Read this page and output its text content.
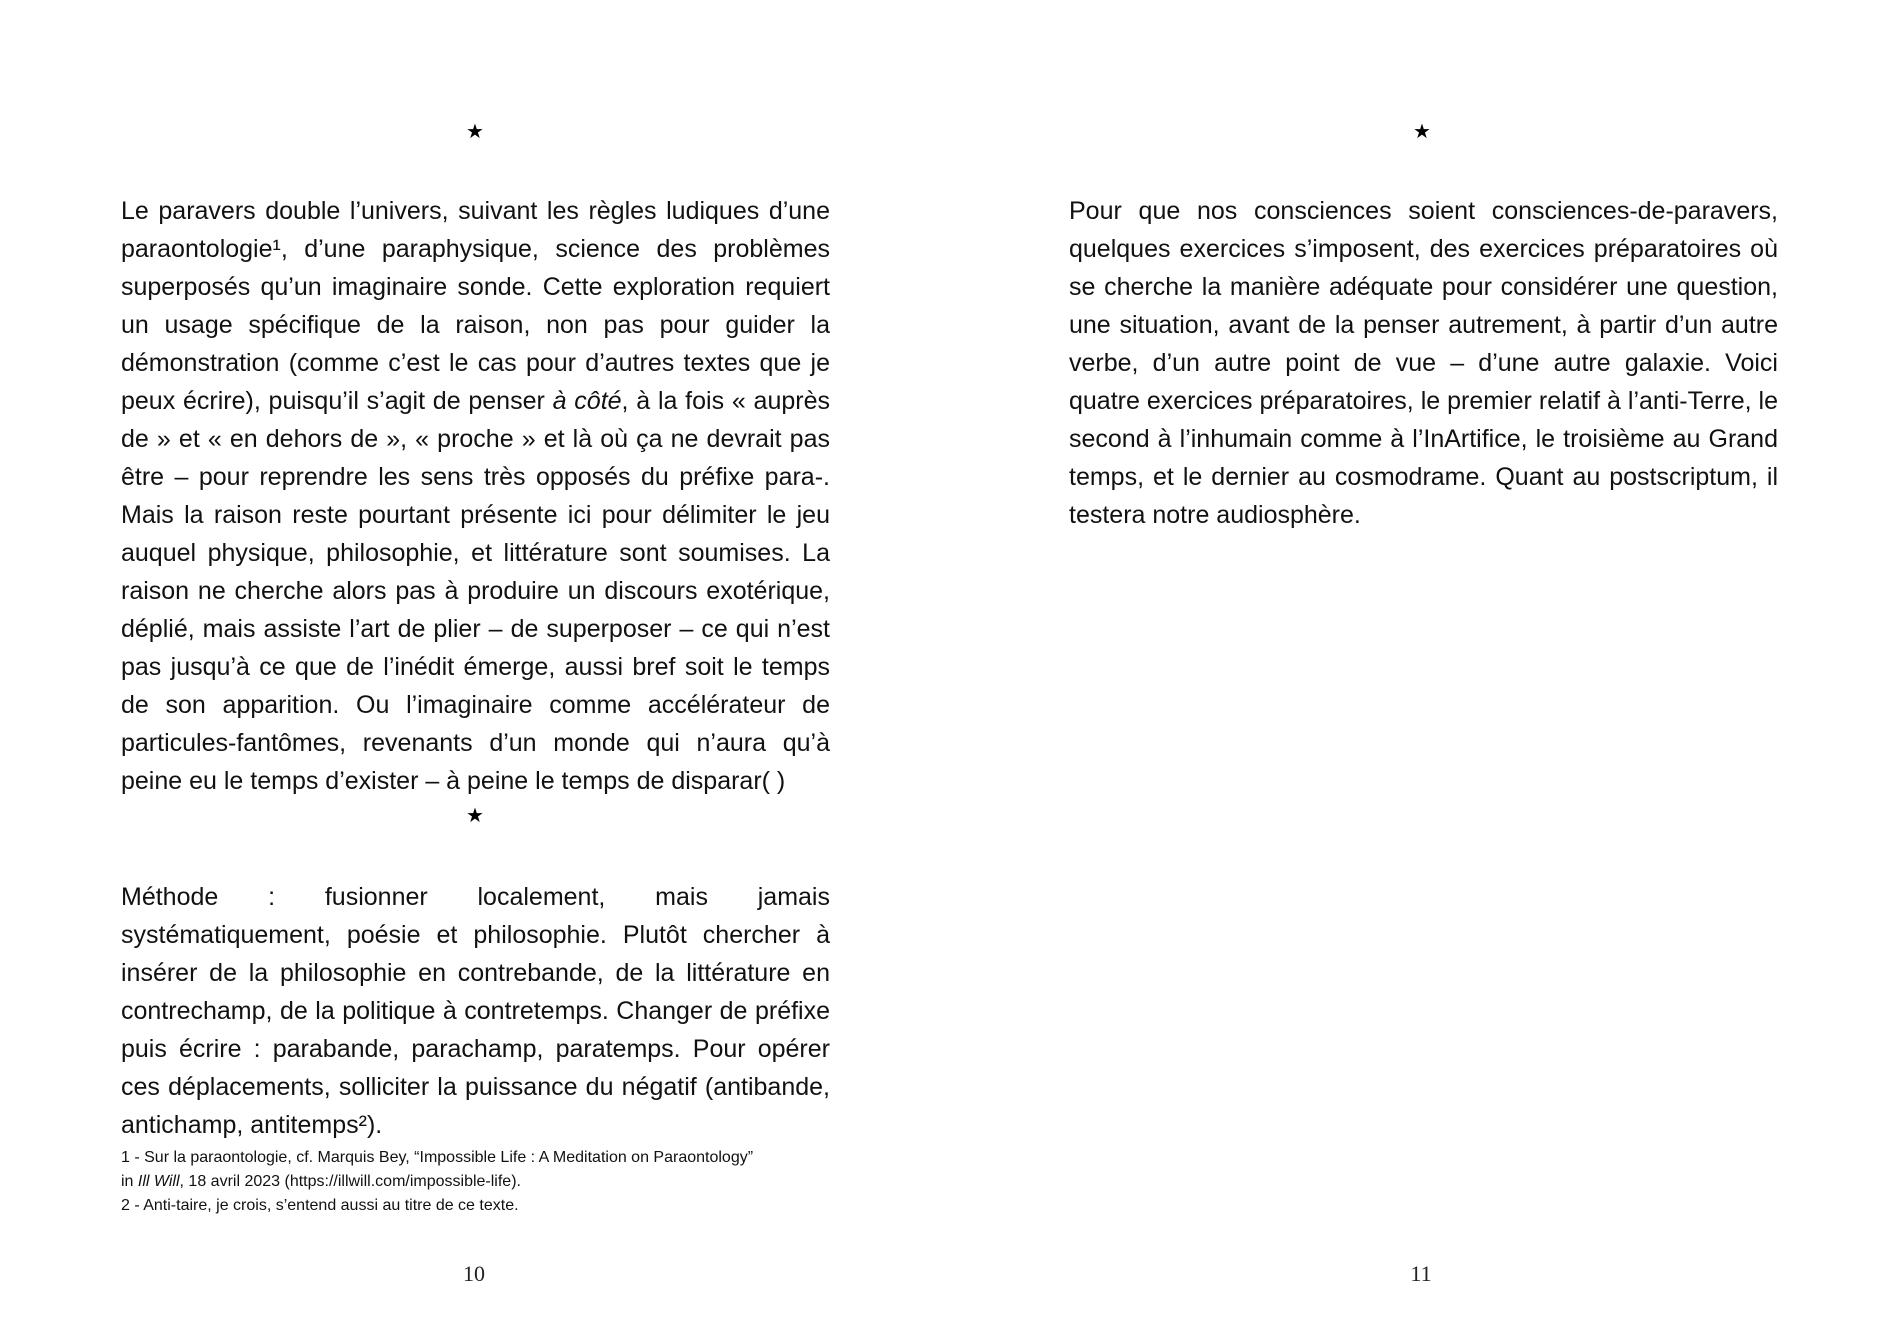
★
Le paravers double l’univers, suivant les règles ludiques d’une paraontologie¹, d’une paraphysique, science des problèmes superposés qu’un imaginaire sonde. Cette exploration requiert un usage spécifique de la raison, non pas pour guider la démonstration (comme c’est le cas pour d’autres textes que je peux écrire), puisqu’il s’agit de penser à côté, à la fois « auprès de » et « en dehors de », « proche » et là où ça ne devrait pas être – pour reprendre les sens très opposés du préfixe para-. Mais la raison reste pourtant présente ici pour délimiter le jeu auquel physique, philosophie, et littérature sont soumises. La raison ne cherche alors pas à produire un discours exotérique, déplié, mais assiste l’art de plier – de superposer – ce qui n’est pas jusqu’à ce que de l’inédit émerge, aussi bref soit le temps de son apparition. Ou l’imaginaire comme accélérateur de particules-fantômes, revenants d’un monde qui n’aura qu’à peine eu le temps d’exister – à peine le temps de disparar( )
★
Méthode : fusionner localement, mais jamais systématiquement, poésie et philosophie. Plutôt chercher à insérer de la philosophie en contrebande, de la littérature en contrechamp, de la politique à contretemps. Changer de préfixe puis écrire : parabande, parachamp, paratemps. Pour opérer ces déplacements, solliciter la puissance du négatif (antibande, antichamp, antitemps²).
1 - Sur la paraontologie, cf. Marquis Bey, “Impossible Life : A Meditation on Paraontology”
in Ill Will, 18 avril 2023 (https://illwill.com/impossible-life).
2 - Anti-taire, je crois, s’entend aussi au titre de ce texte.
10
★
Pour que nos consciences soient consciences-de-paravers, quelques exercices s’imposent, des exercices préparatoires où se cherche la manière adéquate pour considérer une question, une situation, avant de la penser autrement, à partir d’un autre verbe, d’un autre point de vue – d’une autre galaxie. Voici quatre exercices préparatoires, le premier relatif à l’anti-Terre, le second à l’inhumain comme à l’InArtifice, le troisième au Grand temps, et le dernier au cosmodrame. Quant au postscriptum, il testera notre audiosphère.
11
